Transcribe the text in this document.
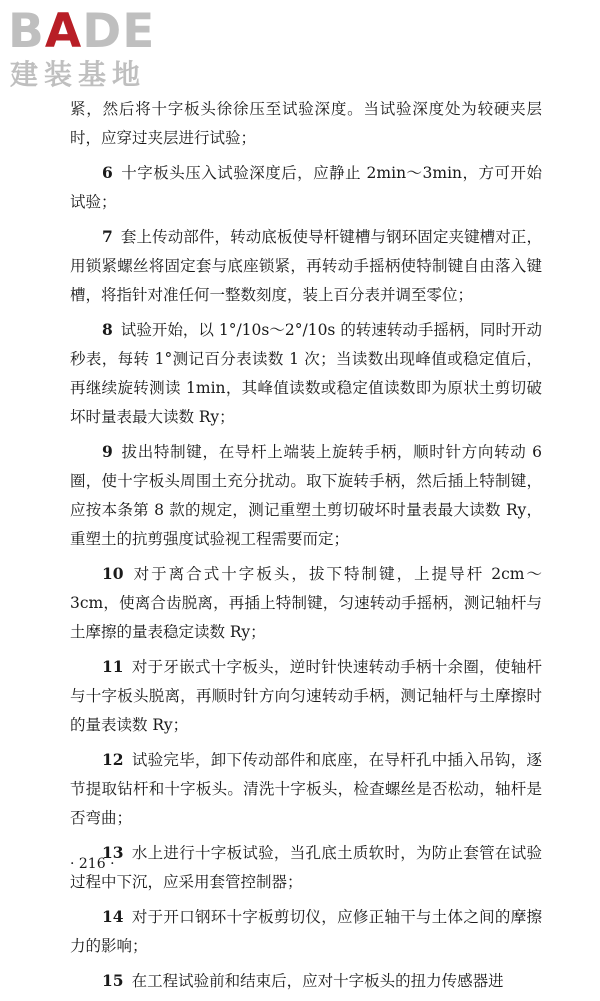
BADE
建装基地

紧，然后将十字板头徐徐压至试验深度。当试验深度处为较硬夹层时，应穿过夹层进行试验；

6 十字板头压入试验深度后，应静止 2min～3min，方可开始试验；

7 套上传动部件，转动底板使导杆键槽与钢环固定夹键槽对正，用锁紧螺丝将固定套与底座锁紧，再转动手摇柄使特制键自由落入键槽，将指针对准任何一整数刻度，装上百分表并调至零位；

8 试验开始，以 1°/10s～2°/10s 的转速转动手摇柄，同时开动秒表，每转 1°测记百分表读数 1 次；当读数出现峰值或稳定值后，再继续旋转测读 1min，其峰值读数或稳定值读数即为原状土剪切破坏时量表最大读数 Ry；

9 拔出特制键，在导杆上端装上旋转手柄，顺时针方向转动 6 圈，使十字板头周围土充分扰动。取下旋转手柄，然后插上特制键，应按本条第 8 款的规定，测记重塑土剪切破坏时量表最大读数 Ry，重塑土的抗剪强度试验视工程需要而定；

10 对于离合式十字板头，拔下特制键，上提导杆 2cm～3cm，使离合齿脱离，再插上特制键，匀速转动手摇柄，测记轴杆与土摩擦的量表稳定读数 Ry；

11 对于牙嵌式十字板头，逆时针快速转动手柄十余圈，使轴杆与十字板头脱离，再顺时针方向匀速转动手柄，测记轴杆与土摩擦时的量表读数 Ry；

12 试验完毕，卸下传动部件和底座，在导杆孔中插入吊钩，逐节提取钻杆和十字板头。清洗十字板头，检查螺丝是否松动，轴杆是否弯曲；

13 水上进行十字板试验，当孔底土质软时，为防止套管在试验过程中下沉，应采用套管控制器；

14 对于开口钢环十字板剪切仪，应修正轴干与土体之间的摩擦力的影响；

15 在工程试验前和结束后，应对十字板头的扭力传感器进

· 216 ·
